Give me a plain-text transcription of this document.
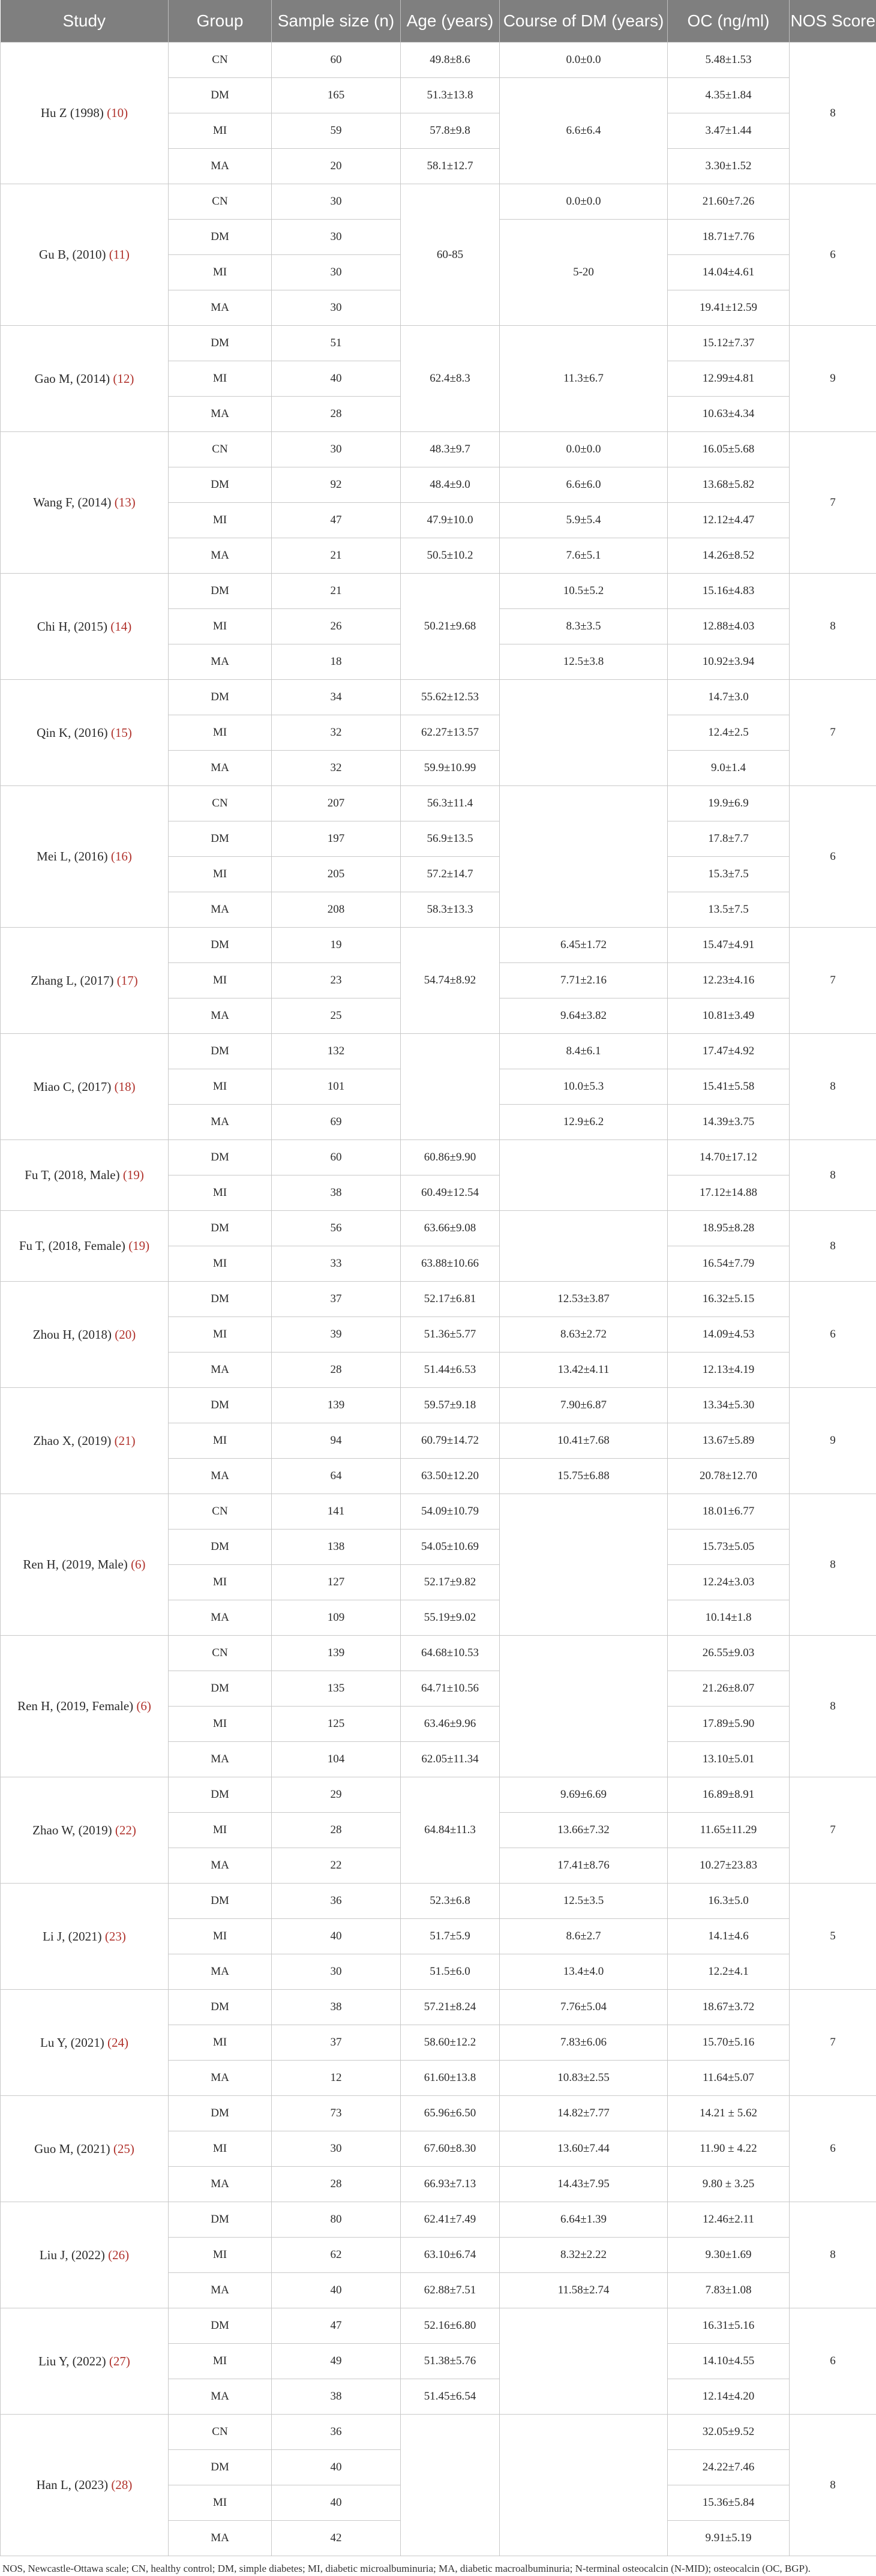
Study	Group	Sample size (n)	Age (years)	Course of DM (years)	OC (ng/ml)	NOS Score
Hu Z (1998) (10)	CN	60	49.8±8.6	0.0±0.0	5.48±1.53	8
	DM	165	51.3±13.8	6.6±6.4	4.35±1.84	
	MI	59	57.8±9.8		3.47±1.44	
	MA	20	58.1±12.7		3.30±1.52	
Gu B, (2010) (11)	CN	30	60-85	0.0±0.0	21.60±7.26	6
	DM	30		5-20	18.71±7.76	
	MI	30			14.04±4.61	
	MA	30			19.41±12.59	
Gao M, (2014) (12)	DM	51	62.4±8.3	11.3±6.7	15.12±7.37	9
	MI	40			12.99±4.81	
	MA	28			10.63±4.34	
Wang F, (2014) (13)	CN	30	48.3±9.7	0.0±0.0	16.05±5.68	7
	DM	92	48.4±9.0	6.6±6.0	13.68±5.82	
	MI	47	47.9±10.0	5.9±5.4	12.12±4.47	
	MA	21	50.5±10.2	7.6±5.1	14.26±8.52	
Chi H, (2015) (14)	DM	21	50.21±9.68	10.5±5.2	15.16±4.83	8
	MI	26		8.3±3.5	12.88±4.03	
	MA	18		12.5±3.8	10.92±3.94	
Qin K, (2016) (15)	DM	34	55.62±12.53		14.7±3.0	7
	MI	32	62.27±13.57		12.4±2.5	
	MA	32	59.9±10.99		9.0±1.4	
Mei L, (2016) (16)	CN	207	56.3±11.4		19.9±6.9	6
	DM	197	56.9±13.5		17.8±7.7	
	MI	205	57.2±14.7		15.3±7.5	
	MA	208	58.3±13.3		13.5±7.5	
Zhang L, (2017) (17)	DM	19	54.74±8.92	6.45±1.72	15.47±4.91	7
	MI	23		7.71±2.16	12.23±4.16	
	MA	25		9.64±3.82	10.81±3.49	
Miao C, (2017) (18)	DM	132		8.4±6.1	17.47±4.92	8
	MI	101		10.0±5.3	15.41±5.58	
	MA	69		12.9±6.2	14.39±3.75	
Fu T, (2018, Male) (19)	DM	60	60.86±9.90		14.70±17.12	8
	MI	38	60.49±12.54		17.12±14.88	
Fu T, (2018, Female) (19)	DM	56	63.66±9.08		18.95±8.28	8
	MI	33	63.88±10.66		16.54±7.79	
Zhou H, (2018) (20)	DM	37	52.17±6.81	12.53±3.87	16.32±5.15	6
	MI	39	51.36±5.77	8.63±2.72	14.09±4.53	
	MA	28	51.44±6.53	13.42±4.11	12.13±4.19	
Zhao X, (2019) (21)	DM	139	59.57±9.18	7.90±6.87	13.34±5.30	9
	MI	94	60.79±14.72	10.41±7.68	13.67±5.89	
	MA	64	63.50±12.20	15.75±6.88	20.78±12.70	
Ren H, (2019, Male) (6)	CN	141	54.09±10.79		18.01±6.77	8
	DM	138	54.05±10.69		15.73±5.05	
	MI	127	52.17±9.82		12.24±3.03	
	MA	109	55.19±9.02		10.14±1.8	
Ren H, (2019, Female) (6)	CN	139	64.68±10.53		26.55±9.03	8
	DM	135	64.71±10.56		21.26±8.07	
	MI	125	63.46±9.96		17.89±5.90	
	MA	104	62.05±11.34		13.10±5.01	
Zhao W, (2019) (22)	DM	29	64.84±11.3	9.69±6.69	16.89±8.91	7
	MI	28		13.66±7.32	11.65±11.29	
	MA	22		17.41±8.76	10.27±23.83	
Li J, (2021) (23)	DM	36	52.3±6.8	12.5±3.5	16.3±5.0	5
	MI	40	51.7±5.9	8.6±2.7	14.1±4.6	
	MA	30	51.5±6.0	13.4±4.0	12.2±4.1	
Lu Y, (2021) (24)	DM	38	57.21±8.24	7.76±5.04	18.67±3.72	7
	MI	37	58.60±12.2	7.83±6.06	15.70±5.16	
	MA	12	61.60±13.8	10.83±2.55	11.64±5.07	
Guo M, (2021) (25)	DM	73	65.96±6.50	14.82±7.77	14.21 ± 5.62	6
	MI	30	67.60±8.30	13.60±7.44	11.90 ± 4.22	
	MA	28	66.93±7.13	14.43±7.95	9.80 ± 3.25	
Liu J, (2022) (26)	DM	80	62.41±7.49	6.64±1.39	12.46±2.11	8
	MI	62	63.10±6.74	8.32±2.22	9.30±1.69	
	MA	40	62.88±7.51	11.58±2.74	7.83±1.08	
Liu Y, (2022) (27)	DM	47	52.16±6.80		16.31±5.16	6
	MI	49	51.38±5.76		14.10±4.55	
	MA	38	51.45±6.54		12.14±4.20	
Han L, (2023) (28)	CN	36			32.05±9.52	8
	DM	40			24.22±7.46	
	MI	40			15.36±5.84	
	MA	42			9.91±5.19	
NOS, Newcastle-Ottawa scale; CN, healthy control; DM, simple diabetes; MI, diabetic microalbuminuria; MA, diabetic macroalbuminuria; N-terminal osteocalcin (N-MID); osteocalcin (OC, BGP).
